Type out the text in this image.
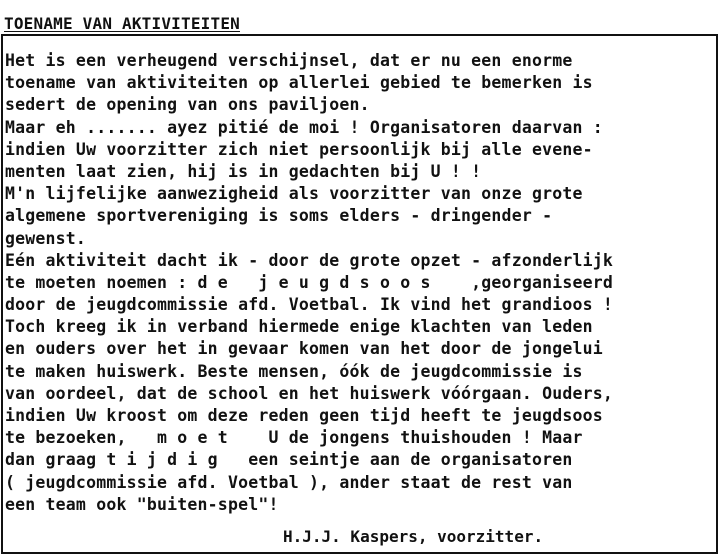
TOENAME VAN AKTIVITEITEN
Het is een verheugend verschijnsel, dat er nu een enorme
toename van aktiviteiten op allerlei gebied te bemerken is
sedert de opening van ons paviljoen.
Maar eh ....... ayez pitié de moi ! Organisatoren daarvan :
indien Uw voorzitter zich niet persoonlijk bij alle evene-
menten laat zien, hij is in gedachten bij U ! !
M'n lijfelijke aanwezigheid als voorzitter van onze grote
algemene sportvereniging is soms elders - dringender -
gewenst.
Eén aktiviteit dacht ik - door de grote opzet - afzonderlijk
te moeten noemen : d e   j e u g d s o o s    ,georganiseerd
door de jeugdcommissie afd. Voetbal. Ik vind het grandioos !
Toch kreeg ik in verband hiermede enige klachten van leden
en ouders over het in gevaar komen van het door de jongelui
te maken huiswerk. Beste mensen, óók de jeugdcommissie is
van oordeel, dat de school en het huiswerk vóórgaan. Ouders,
indien Uw kroost om deze reden geen tijd heeft te jeugdsoos
te bezoeken,   m o e t    U de jongens thuishouden ! Maar
dan graag t i j d i g   een seintje aan de organisatoren
( jeugdcommissie afd. Voetbal ), ander staat de rest van
een team ook "buiten-spel"!
H.J.J. Kaspers, voorzitter.
